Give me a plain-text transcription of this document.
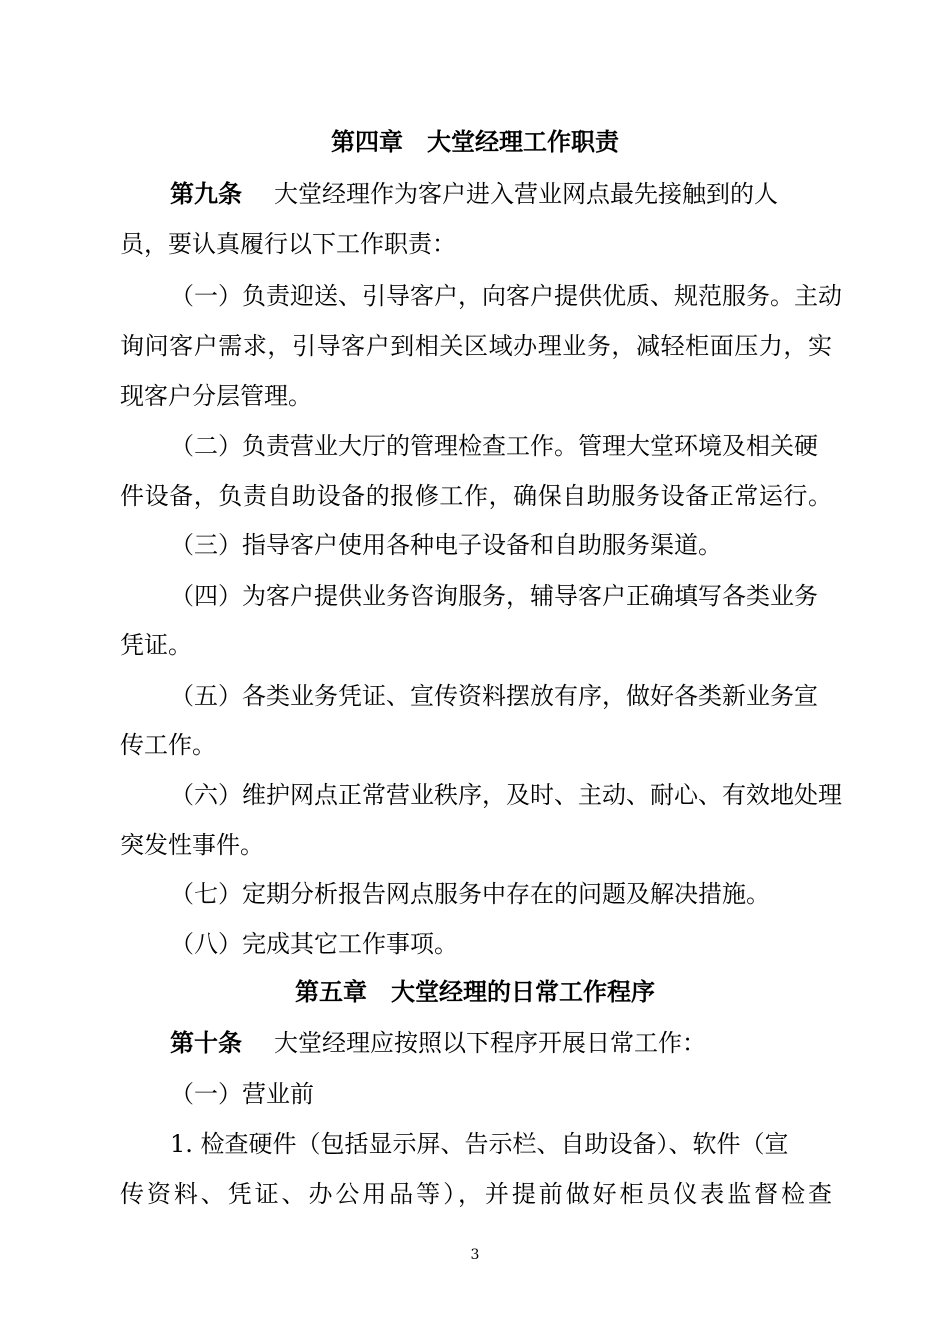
第四章　大堂经理工作职责
第九条 大堂经理作为客户进入营业网点最先接触到的人
员，要认真履行以下工作职责：
（一）负责迎送、引导客户，向客户提供优质、规范服务。主动
询问客户需求，引导客户到相关区域办理业务，减轻柜面压力，实
现客户分层管理。
（二）负责营业大厅的管理检查工作。管理大堂环境及相关硬
件设备，负责自助设备的报修工作，确保自助服务设备正常运行。
（三）指导客户使用各种电子设备和自助服务渠道。
（四）为客户提供业务咨询服务，辅导客户正确填写各类业务
凭证。
（五）各类业务凭证、宣传资料摆放有序，做好各类新业务宣
传工作。
（六）维护网点正常营业秩序，及时、主动、耐心、有效地处理
突发性事件。
（七）定期分析报告网点服务中存在的问题及解决措施。
（八）完成其它工作事项。
第五章　大堂经理的日常工作程序
第十条 大堂经理应按照以下程序开展日常工作：
（一）营业前
1. 检查硬件（包括显示屏、告示栏、自助设备）、软件（宣
传资料、凭证、办公用品等），并提前做好柜员仪表监督检查
3
